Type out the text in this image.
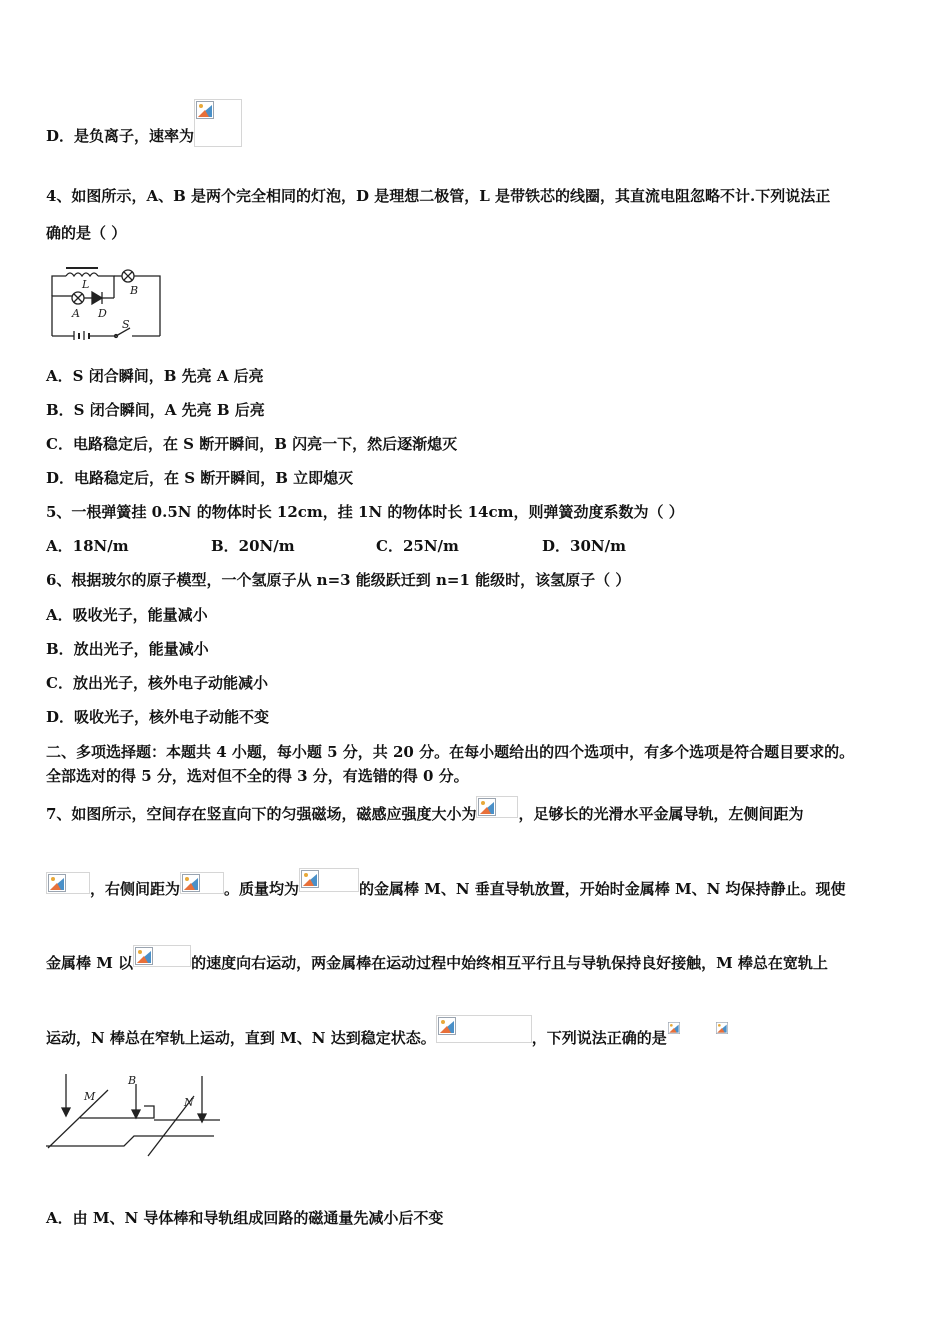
D．是负离子，速率为
4、如图所示，A、B 是两个完全相同的灯泡，D 是理想二极管，L 是带铁芯的线圈，其直流电阻忽略不计.下列说法正
确的是（ ）
L
A D
B
S
A．S 闭合瞬间，B 先亮 A 后亮
B．S 闭合瞬间，A 先亮 B 后亮
C．电路稳定后，在 S 断开瞬间，B 闪亮一下，然后逐渐熄灭
D．电路稳定后，在 S 断开瞬间，B 立即熄灭
5、一根弹簧挂 0.5N 的物体时长 12cm，挂 1N 的物体时长 14cm，则弹簧劲度系数为（ ）
A．18N/m	B．20N/m	C．25N/m	D．30N/m
6、根据玻尔的原子模型，一个氢原子从 n=3 能级跃迁到 n=1 能级时，该氢原子（ ）
A．吸收光子，能量减小
B．放出光子，能量减小
C．放出光子，核外电子动能减小
D．吸收光子，核外电子动能不变
二、多项选择题：本题共 4 小题，每小题 5 分，共 20 分。在每小题给出的四个选项中，有多个选项是符合题目要求的。
全部选对的得 5 分，选对但不全的得 3 分，有选错的得 0 分。
7、如图所示，空间存在竖直向下的匀强磁场，磁感应强度大小为	，足够长的光滑水平金属导轨，左侧间距为
，右侧间距为	。质量均为	的金属棒 M、N 垂直导轨放置，开始时金属棒 M、N 均保持静止。现使
金属棒 M 以	的速度向右运动，两金属棒在运动过程中始终相互平行且与导轨保持良好接触，M 棒总在宽轨上
运动，N 棒总在窄轨上运动，直到 M、N 达到稳定状态。	，下列说法正确的是
M
B
N
A．由 M、N 导体棒和导轨组成回路的磁通量先减小后不变
